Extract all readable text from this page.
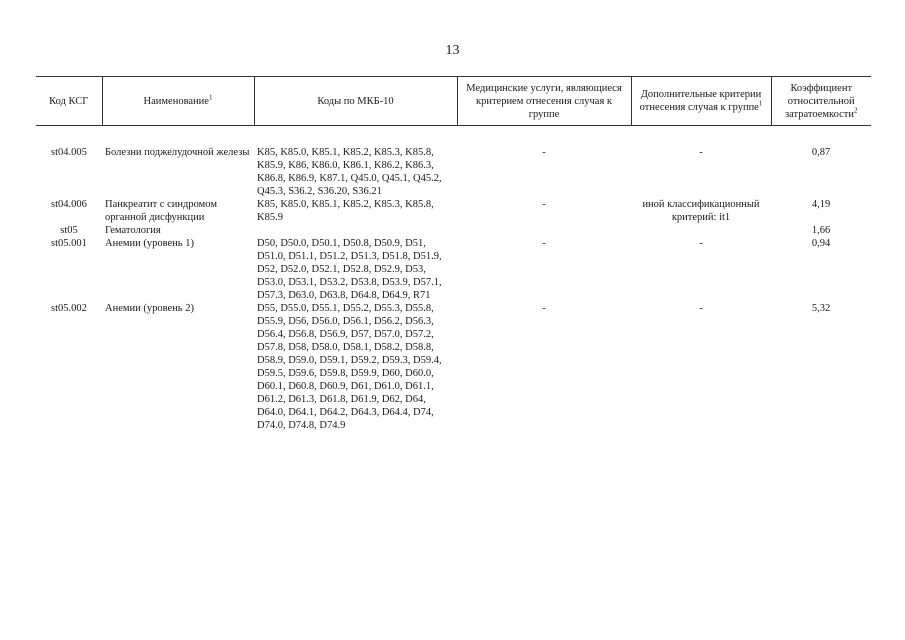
13
Код КСГ	Наименование$^1$	Коды по МКБ-10	Медицинские услуги, являющиеся критерием отнесения случая к группе	Дополнительные критерии отнесения случая к группе$^1$	Коэффициент относительной затратоемкости$^2$

st04.005	Болезни поджелудочной железы	K85, K85.0, K85.1, K85.2, K85.3, K85.8, K85.9, K86, K86.0, K86.1, K86.2, K86.3, K86.8, K86.9, K87.1, Q45.0, Q45.1, Q45.2, Q45.3, S36.2, S36.20, S36.21	-	-	0,87
st04.006	Панкреатит с синдромом органной дисфункции	K85, K85.0, K85.1, K85.2, K85.3, K85.8, K85.9	-	иной классификационный критерий: it1	4,19
st05	Гематология				1,66
st05.001	Анемии (уровень 1)	D50, D50.0, D50.1, D50.8, D50.9, D51, D51.0, D51.1, D51.2, D51.3, D51.8, D51.9, D52, D52.0, D52.1, D52.8, D52.9, D53, D53.0, D53.1, D53.2, D53.8, D53.9, D57.1, D57.3, D63.0, D63.8, D64.8, D64.9, R71	-	-	0,94
st05.002	Анемии (уровень 2)	D55, D55.0, D55.1, D55.2, D55.3, D55.8, D55.9, D56, D56.0, D56.1, D56.2, D56.3, D56.4, D56.8, D56.9, D57, D57.0, D57.2, D57.8, D58, D58.0, D58.1, D58.2, D58.8, D58.9, D59.0, D59.1, D59.2, D59.3, D59.4, D59.5, D59.6, D59.8, D59.9, D60, D60.0, D60.1, D60.8, D60.9, D61, D61.0, D61.1, D61.2, D61.3, D61.8, D61.9, D62, D64, D64.0, D64.1, D64.2, D64.3, D64.4, D74, D74.0, D74.8, D74.9	-	-	5,32
